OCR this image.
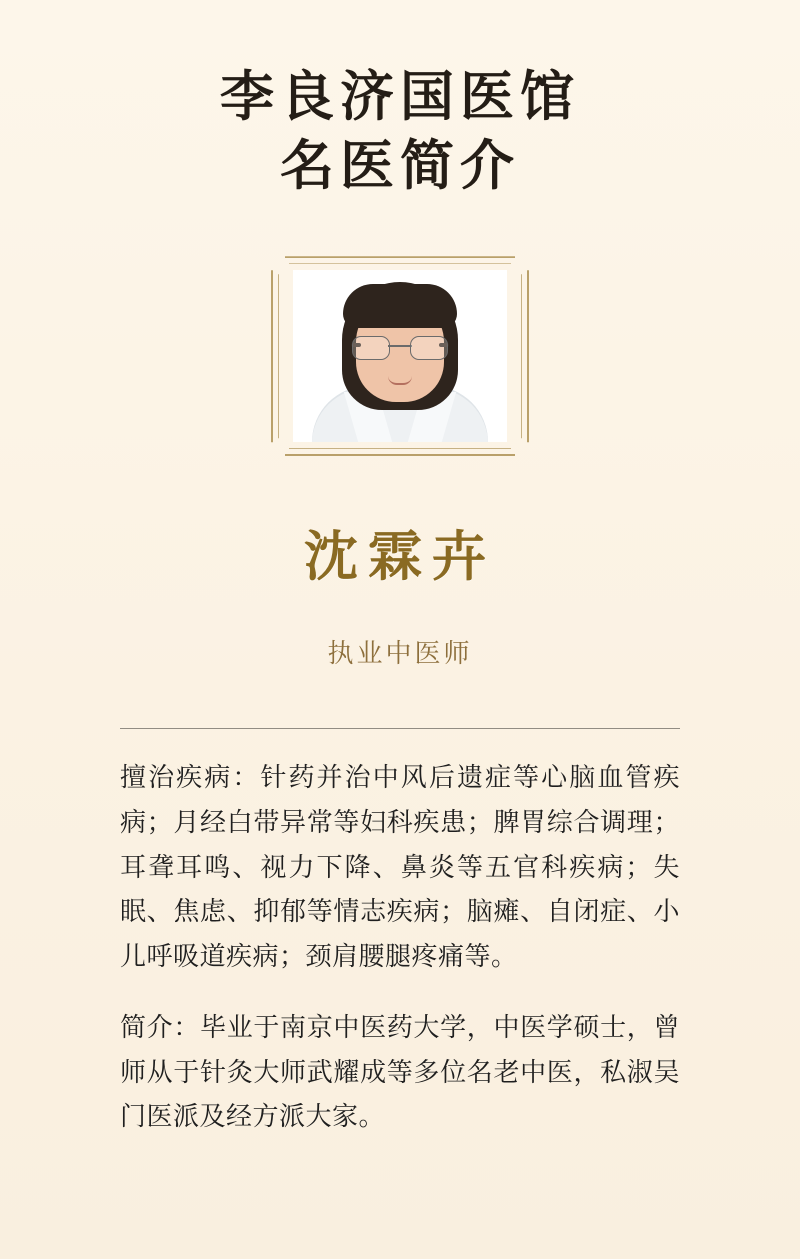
李良济国医馆
名医简介
沈霖卉
执业中医师

擅治疾病：针药并治中风后遗症等心脑血管疾病；月经白带异常等妇科疾患；脾胃综合调理；耳聋耳鸣、视力下降、鼻炎等五官科疾病；失眠、焦虑、抑郁等情志疾病；脑瘫、自闭症、小儿呼吸道疾病；颈肩腰腿疼痛等。

简介：毕业于南京中医药大学，中医学硕士，曾师从于针灸大师武耀成等多位名老中医，私淑吴门医派及经方派大家。
